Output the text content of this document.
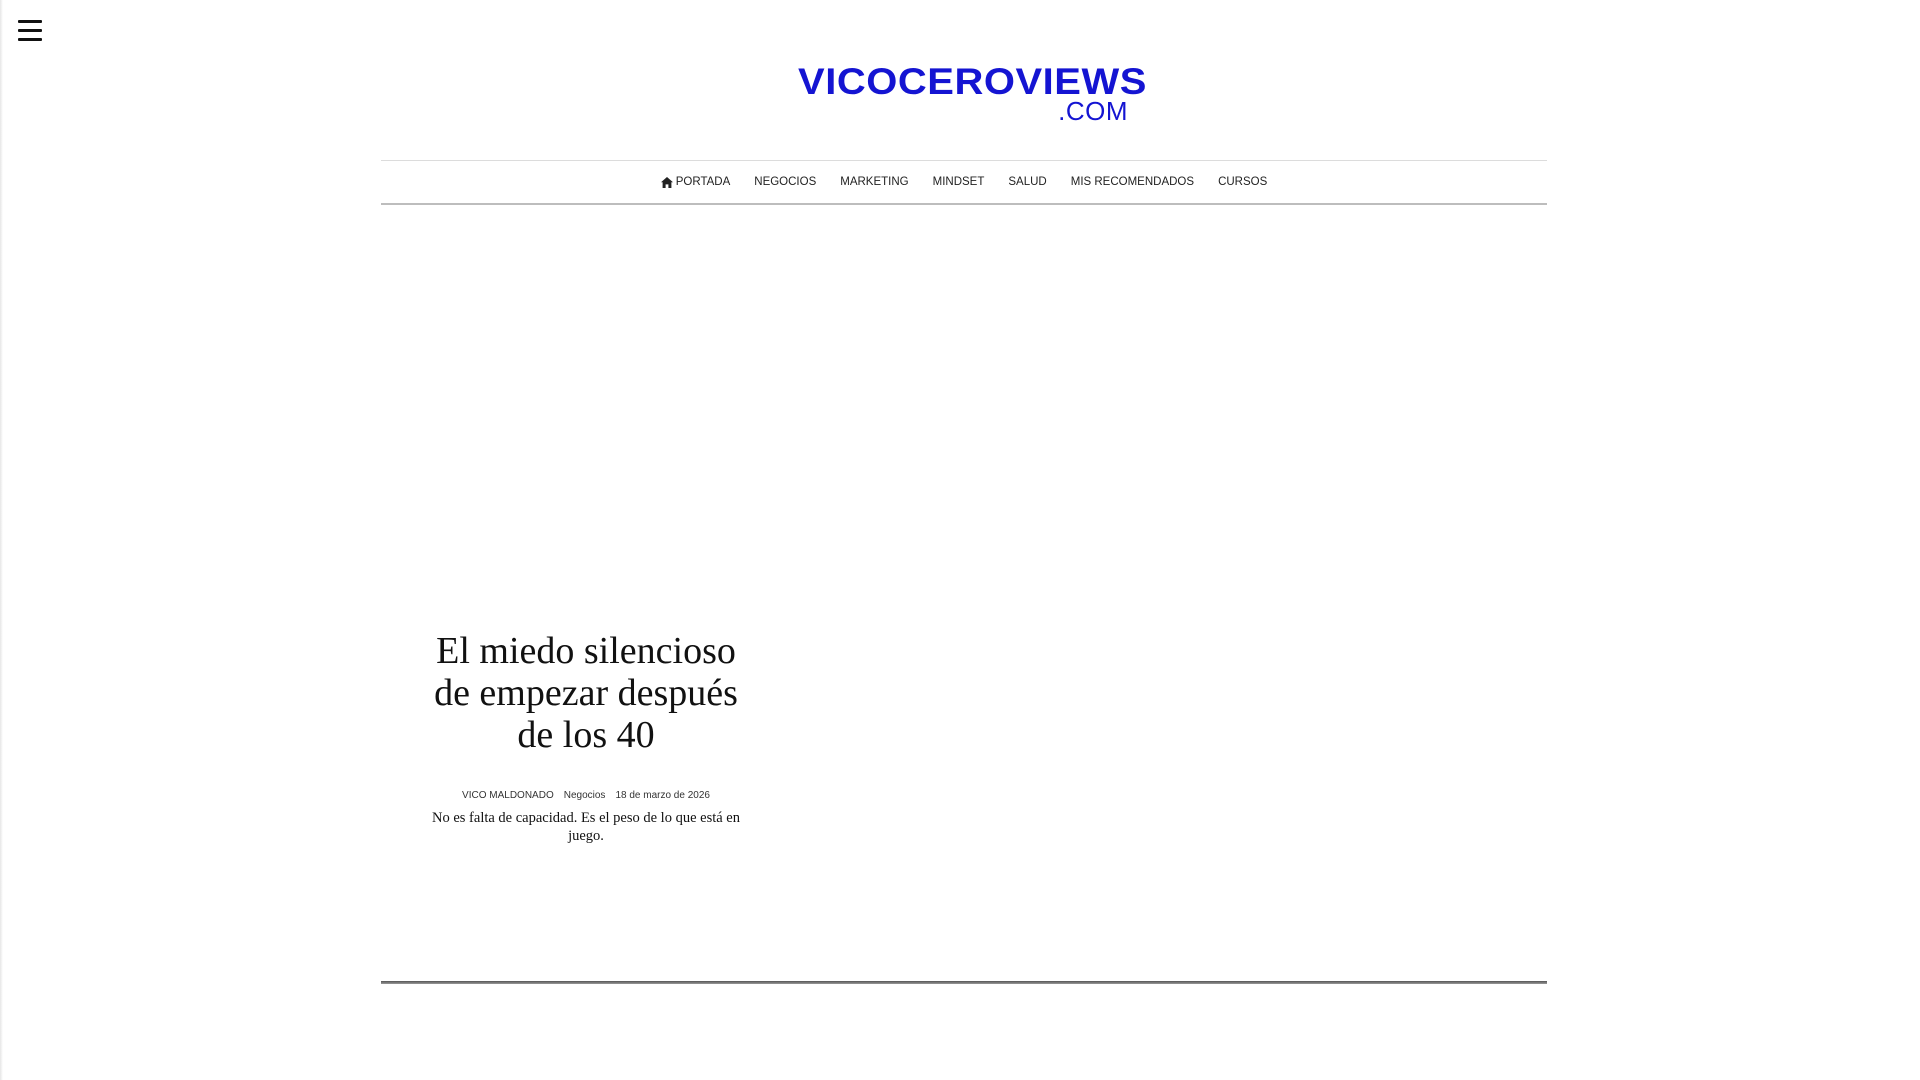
VICOCEROVIEWS
.COM
PORTADA NEGOCIOS MARKETING MINDSET SALUD MIS RECOMENDADOS CURSOS
El miedo silencioso de empezar después de los 40
VICO MALDONADO Negocios 18 de marzo de 2026

No es falta de capacidad. Es el peso de lo que está en juego.
